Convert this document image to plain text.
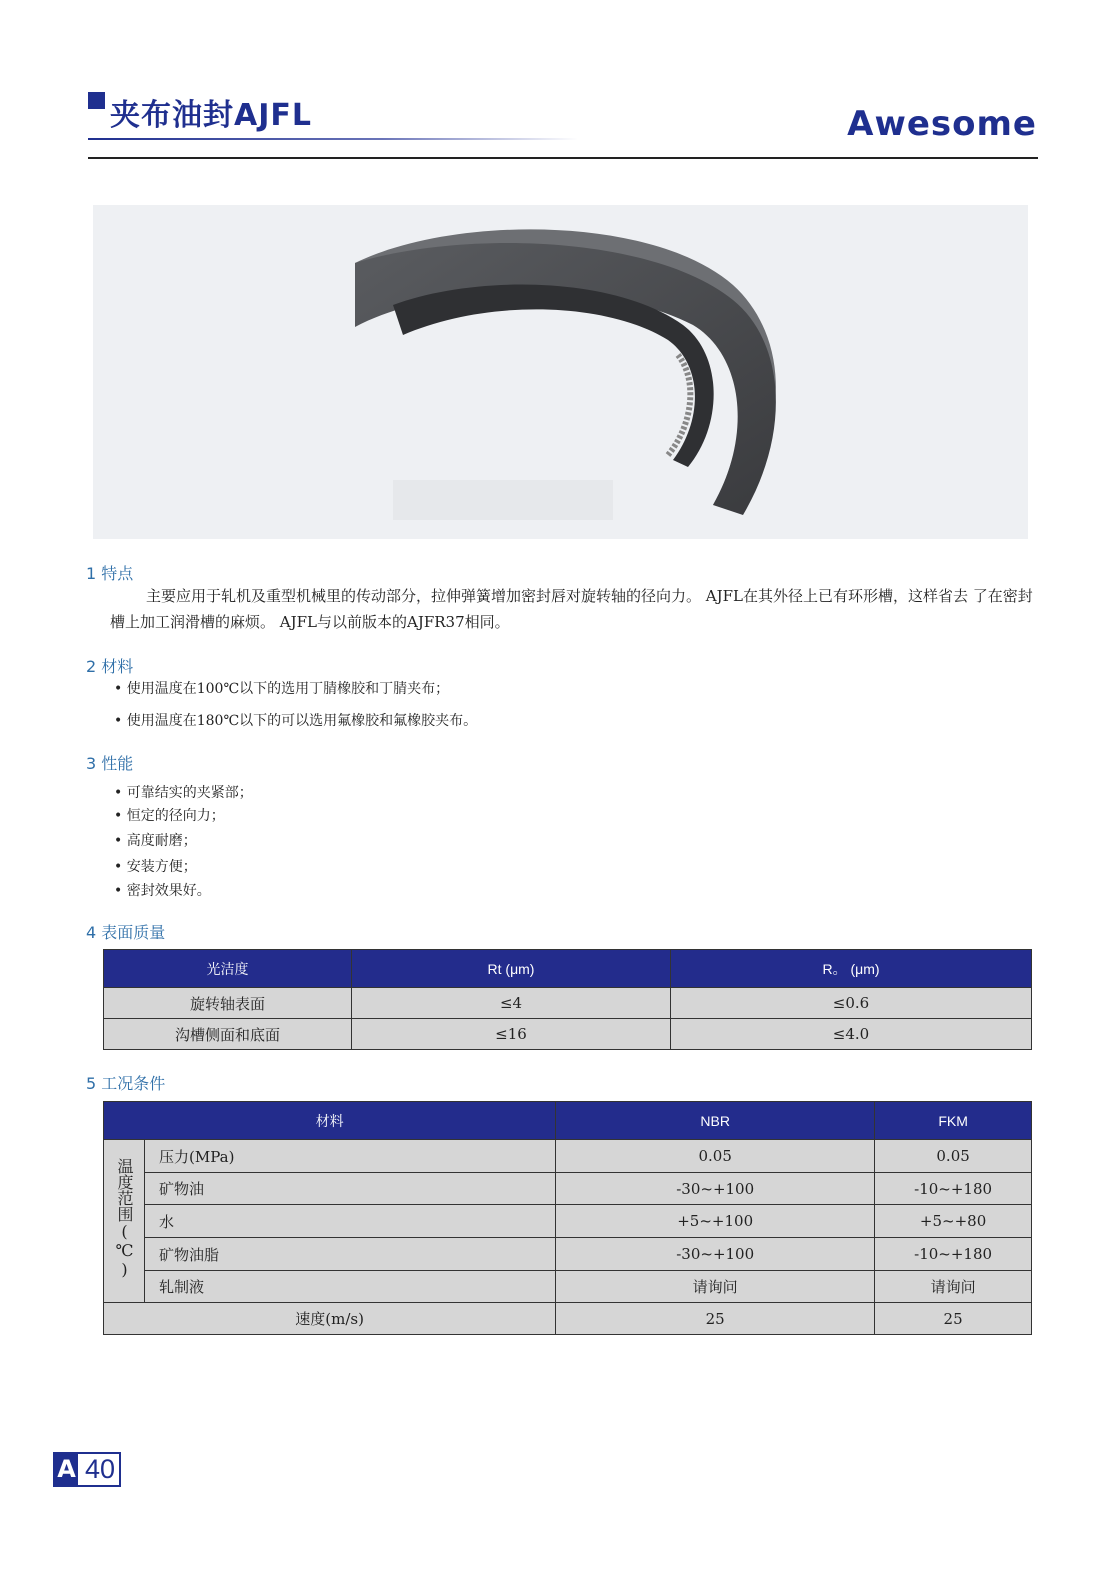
夹布油封AJFL	Awesome
1 特点
主要应用于轧机及重型机械里的传动部分，拉伸弹簧增加密封唇对旋转轴的径向力。 AJFL在其外径上已有环形槽，这样省去 了在密封槽上加工润滑槽的麻烦。 AJFL与以前版本的AJFR37相同。
2 材料
• 使用温度在100℃以下的选用丁腈橡胶和丁腈夹布；
• 使用温度在180℃以下的可以选用氟橡胶和氟橡胶夹布。
3 性能
• 可靠结实的夹紧部；
• 恒定的径向力；
• 高度耐磨；
• 安装方便；
• 密封效果好。
4 表面质量
光洁度	Rt (μm)	R。 (μm)
旋转轴表面	≤4	≤0.6
沟槽侧面和底面	≤16	≤4.0
5 工况条件
材料		NBR	FKM
温度范围(℃)	压力(MPa)	0.05	0.05
	矿物油	-30~+100	-10~+180
	水	+5~+100	+5~+80
	矿物油脂	-30~+100	-10~+180
	轧制液	请询问	请询问
速度(m/s)		25	25
A 40
